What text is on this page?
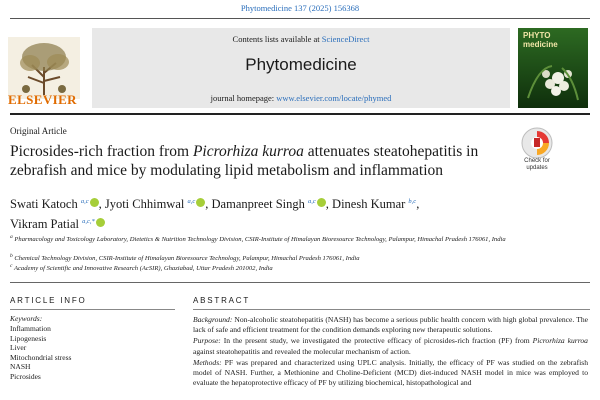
Phytomedicine 137 (2025) 156368
ELSEVIER
Contents lists available at ScienceDirect
Phytomedicine
journal homepage: www.elsevier.com/locate/phymed
PHYTO
medicine
Original Article
Picrosides-rich fraction from Picrorhiza kurroa attenuates steatohepatitis in zebrafish and mice by modulating lipid metabolism and inflammation
Check for
updates
Swati Katoch $^{a,c}$ , Jyoti Chhimwal $^{a,c}$ , Damanpreet Singh $^{a,c}$ , Dinesh Kumar $^{b,c}$,
Vikram Patial $^{a,c,*}$
$^a$ Pharmacology and Toxicology Laboratory, Dietetics & Nutrition Technology Division, CSIR-Institute of Himalayan Bioresource Technology, Palampur, Himachal Pradesh 176061, India
$^b$ Chemical Technology Division, CSIR-Institute of Himalayan Bioresource Technology, Palampur, Himachal Pradesh 176061, India
$^c$ Academy of Scientific and Innovative Research (AcSIR), Ghaziabad, Uttar Pradesh 201002, India
ARTICLE INFO
Keywords:
Inflammation
Lipogenesis
Liver
Mitochondrial stress
NASH
Picrosides
ABSTRACT

Background: Non-alcoholic steatohepatitis (NASH) has become a serious public health concern with high global prevalence. The lack of safe and efficient treatment for the condition demands exploring new therapeutic solutions.

Purpose: In the present study, we investigated the protective efficacy of picrosides-rich fraction (PF) from Picrorhiza kurroa against steatohepatitis and revealed the molecular mechanism of action.

Methods: PF was prepared and characterized using UPLC analysis. Initially, the efficacy of PF was studied on the zebrafish model of NASH. Further, a Methionine and Choline-Deficient (MCD) diet-induced NASH model in mice was employed to evaluate the hepatoprotective efficacy of PF by utilizing biochemical, histopathological and
